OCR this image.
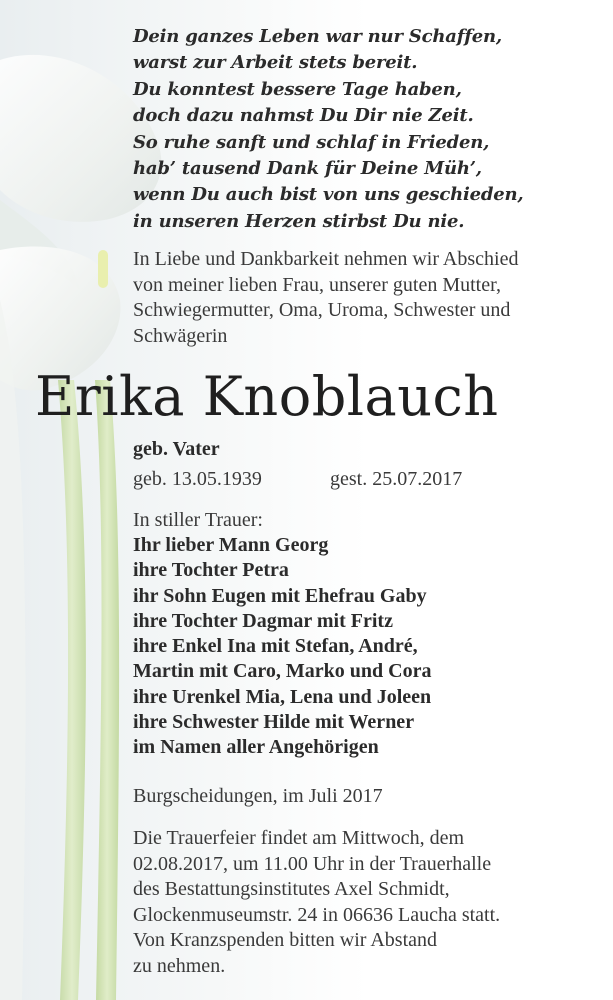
Dein ganzes Leben war nur Schaffen,
warst zur Arbeit stets bereit.
Du konntest bessere Tage haben,
doch dazu nahmst Du Dir nie Zeit.
So ruhe sanft und schlaf in Frieden,
hab’ tausend Dank für Deine Müh’,
wenn Du auch bist von uns geschieden,
in unseren Herzen stirbst Du nie.
In Liebe und Dankbarkeit nehmen wir Abschied
von meiner lieben Frau, unserer guten Mutter,
Schwiegermutter, Oma, Uroma, Schwester und
Schwägerin
Erika Knoblauch
geb. Vater
geb. 13.05.1939	gest. 25.07.2017
In stiller Trauer:
Ihr lieber Mann Georg
ihre Tochter Petra
ihr Sohn Eugen mit Ehefrau Gaby
ihre Tochter Dagmar mit Fritz
ihre Enkel Ina mit Stefan, André,
Martin mit Caro, Marko und Cora
ihre Urenkel Mia, Lena und Joleen
ihre Schwester Hilde mit Werner
im Namen aller Angehörigen
Burgscheidungen, im Juli 2017
Die Trauerfeier findet am Mittwoch, dem
02.08.2017, um 11.00 Uhr in der Trauerhalle
des Bestattungsinstitutes Axel Schmidt,
Glockenmuseumstr. 24 in 06636 Laucha statt.
Von Kranzspenden bitten wir Abstand
zu nehmen.
